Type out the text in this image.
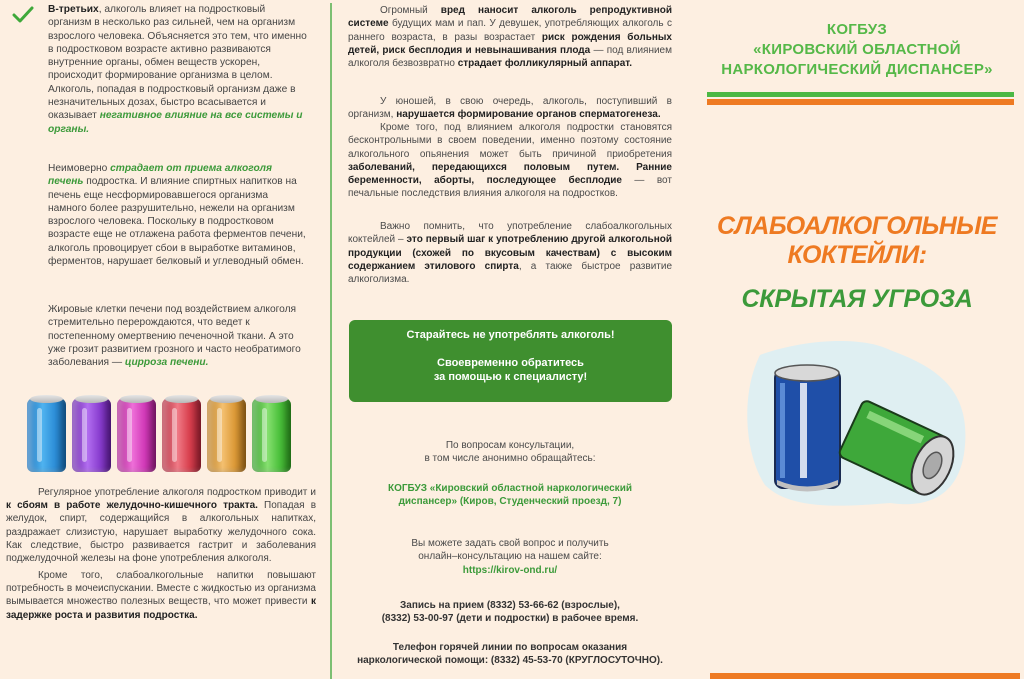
В-третьих, алкоголь влияет на подростковый организм в несколько раз сильней, чем на организм взрослого человека. Объясняется это тем, что именно в подростковом возрасте активно развиваются внутренние органы, обмен веществ ускорен, происходит формирование организма в целом. Алкоголь, попадая в подростковый организм даже в незначительных дозах, быстро всасывается и оказывает негативное влияние на все системы и органы.

Неимоверно страдает от приема алкоголя печень подростка. И влияние спиртных напитков на печень еще несформировавшегося организма намного более разрушительно, нежели на организм взрослого человека. Поскольку в подростковом возрасте еще не отлажена работа ферментов печени, алкоголь провоцирует сбои в выработке витаминов, ферментов, нарушает белковый и углеводный обмен.

Жировые клетки печени под воздействием алкоголя стремительно перерождаются, что ведет к постепенному омертвению печеночной ткани. А это уже грозит развитием грозного и часто необратимого заболевания — цирроза печени.

Регулярное употребление алкоголя подростком приводит и к сбоям в работе желудочно-кишечного тракта. Попадая в желудок, спирт, содержащийся в алкогольных напитках, раздражает слизистую, нарушает выработку желудочного сока. Как следствие, быстро развивается гастрит и заболевания поджелудочной железы на фоне употребления алкоголя.

Кроме того, слабоалкогольные напитки повышают потребность в мочеиспускании. Вместе с жидкостью из организма вымывается множество полезных веществ, что может привести к задержке роста и развития подростка.

Огромный вред наносит алкоголь репродуктивной системе будущих мам и пап. У девушек, употребляющих алкоголь с раннего возраста, в разы возрастает риск рождения больных детей, риск бесплодия и невынашивания плода — под влиянием алкоголя безвозвратно страдает фолликулярный аппарат.

У юношей, в свою очередь, алкоголь, поступивший в организм, нарушается формирование органов сперматогенеза.

Кроме того, под влиянием алкоголя подростки становятся бесконтрольными в своем поведении, именно поэтому состояние алкогольного опьянения может быть причиной приобретения заболеваний, передающихся половым путем. Ранние беременности, аборты, последующее бесплодие — вот печальные последствия влияния алкоголя на подростков.

Важно помнить, что употребление слабоалкогольных коктейлей – это первый шаг к употреблению другой алкогольной продукции (схожей по вкусовым качествам) с высоким содержанием этилового спирта, а также быстрое развитие алкоголизма.

Старайтесь не употреблять алкоголь!
Своевременно обратитесь
за помощью к специалисту!
По вопросам консультации,
в том числе анонимно обращайтесь:
КОГБУЗ «Кировский областной наркологический
диспансер» (Киров, Студенческий проезд, 7)
Вы можете задать свой вопрос и получить
онлайн–консультацию на нашем сайте:
https://kirov-ond.ru/
Запись на прием (8332) 53-66-62 (взрослые),
(8332) 53-00-97 (дети и подростки) в рабочее время.
Телефон горячей линии по вопросам оказания
наркологической помощи: (8332) 45-53-70 (КРУГЛОСУТОЧНО).
КОГБУЗ
«КИРОВСКИЙ ОБЛАСТНОЙ
НАРКОЛОГИЧЕСКИЙ ДИСПАНСЕР»
СЛАБОАЛКОГОЛЬНЫЕ
КОКТЕЙЛИ:
СКРЫТАЯ УГРОЗА
